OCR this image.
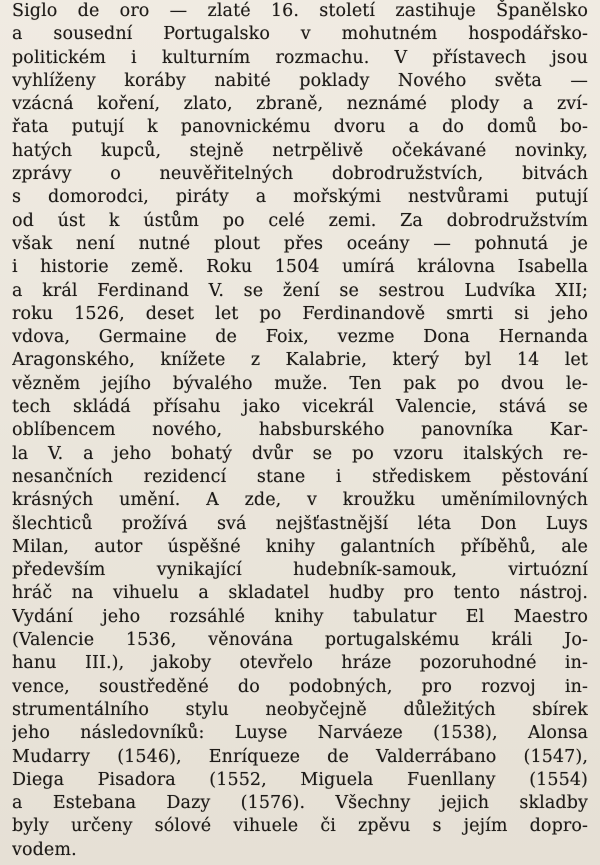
Siglo de oro — zlaté 16. století zastihuje Španělsko
a sousední Portugalsko v mohutném hospodářsko-
politickém i kulturním rozmachu. V přístavech jsou
vyhlíženy koráby nabité poklady Nového světa —
vzácná koření, zlato, zbraně, neznámé plody a zví-
řata putují k panovnickému dvoru a do domů bo-
hatých kupců, stejně netrpělivě očekávané novinky,
zprávy o neuvěřitelných dobrodružstvích, bitvách
s domorodci, piráty a mořskými nestvůrami putují
od úst k ústům po celé zemi. Za dobrodružstvím
však není nutné plout přes oceány — pohnutá je
i historie země. Roku 1504 umírá královna Isabella
a král Ferdinand V. se žení se sestrou Ludvíka XII;
roku 1526, deset let po Ferdinandově smrti si jeho
vdova, Germaine de Foix, vezme Dona Hernanda
Aragonského, knížete z Kalabrie, který byl 14 let
vězněm jejího bývalého muže. Ten pak po dvou le-
tech skládá přísahu jako vicekrál Valencie, stává se
oblíbencem nového, habsburského panovníka Kar-
la V. a jeho bohatý dvůr se po vzoru italských re-
nesančních rezidencí stane i střediskem pěstování
krásných umění. A zde, v kroužku uměnímilovných
šlechticů prožívá svá nejšťastnější léta Don Luys
Milan, autor úspěšné knihy galantních příběhů, ale
především vynikající hudebník-samouk, virtuózní
hráč na vihuelu a skladatel hudby pro tento nástroj.
Vydání jeho rozsáhlé knihy tabulatur El Maestro
(Valencie 1536, věnována portugalskému králi Jo-
hanu III.), jakoby otevřelo hráze pozoruhodné in-
vence, soustředěné do podobných, pro rozvoj in-
strumentálního stylu neobyčejně důležitých sbírek
jeho následovníků: Luyse Narváeze (1538), Alonsa
Mudarry (1546), Enríqueze de Valderrábano (1547),
Diega Pisadora (1552, Miguela Fuenllany (1554)
a Estebana Dazy (1576). Všechny jejich skladby
byly určeny sólové vihuele či zpěvu s jejím dopro-
vodem.
